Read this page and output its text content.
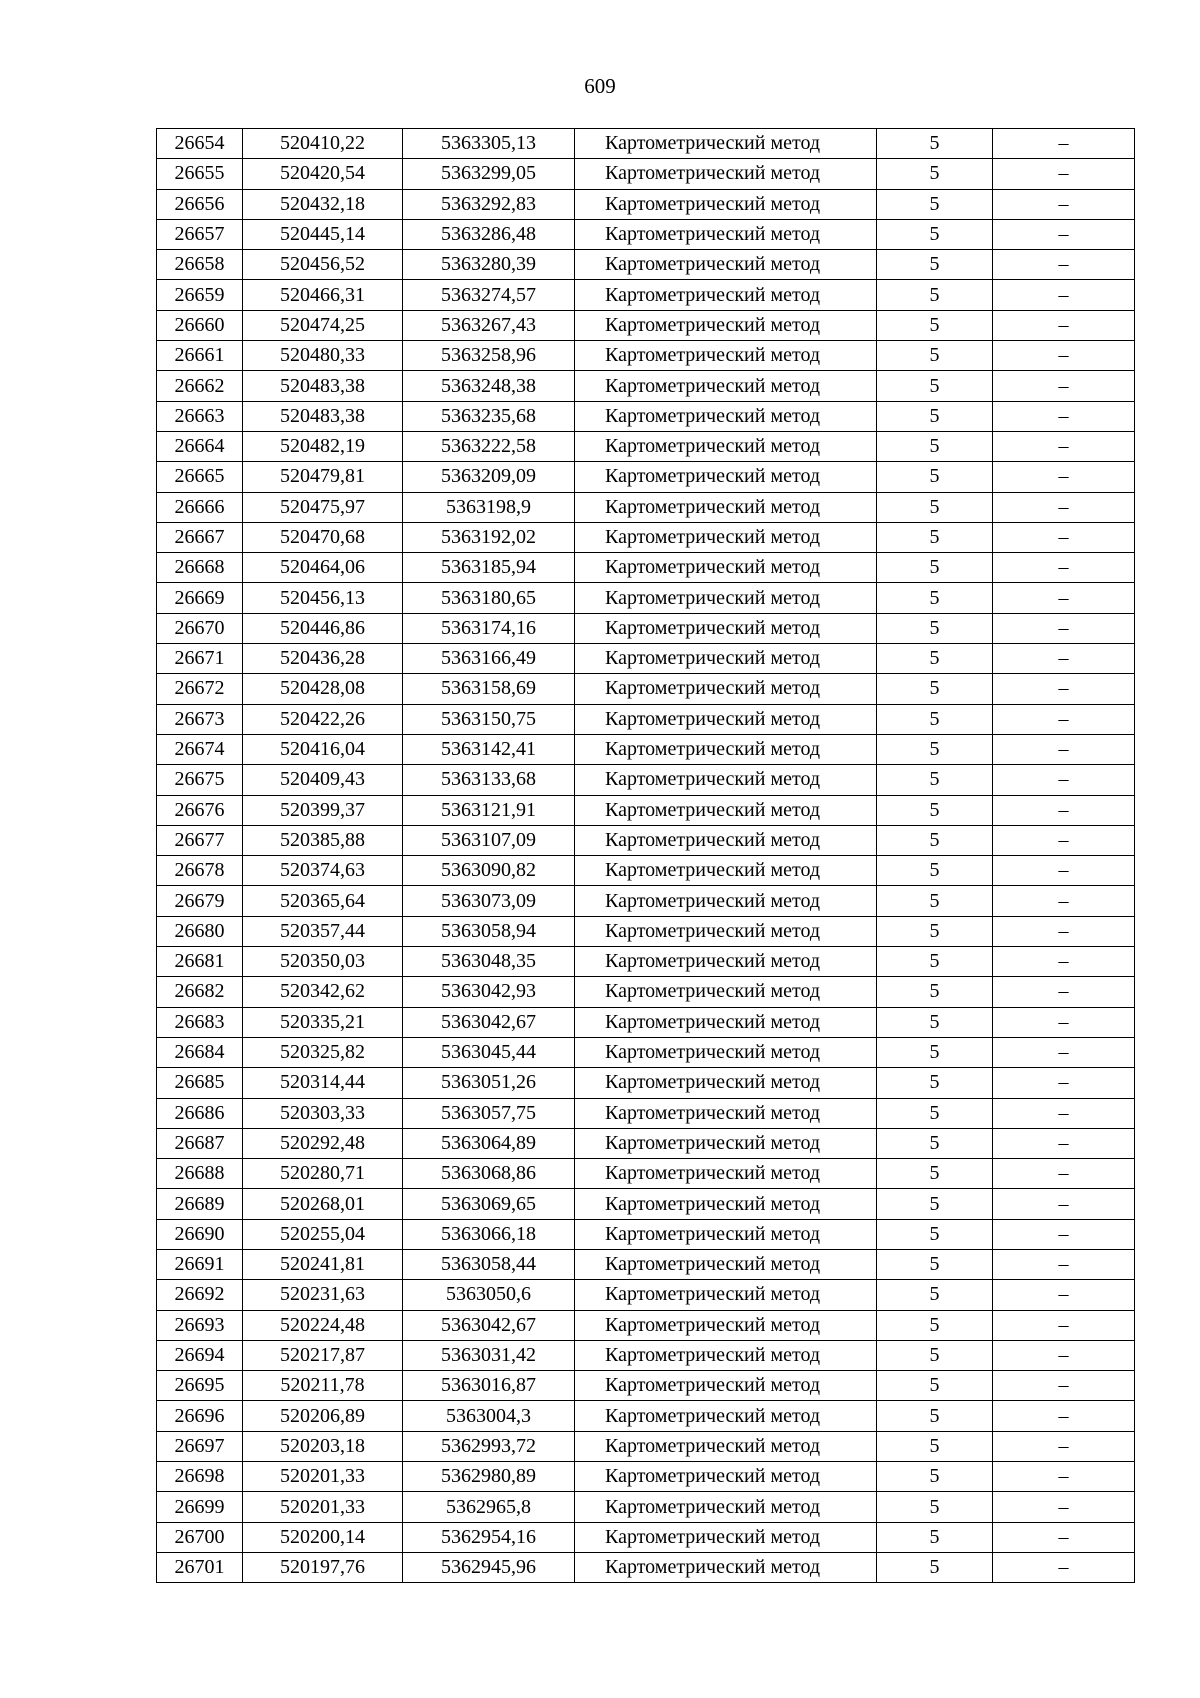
609
26654	520410,22	5363305,13	Картометрический метод	5	–
26655	520420,54	5363299,05	Картометрический метод	5	–
26656	520432,18	5363292,83	Картометрический метод	5	–
26657	520445,14	5363286,48	Картометрический метод	5	–
26658	520456,52	5363280,39	Картометрический метод	5	–
26659	520466,31	5363274,57	Картометрический метод	5	–
26660	520474,25	5363267,43	Картометрический метод	5	–
26661	520480,33	5363258,96	Картометрический метод	5	–
26662	520483,38	5363248,38	Картометрический метод	5	–
26663	520483,38	5363235,68	Картометрический метод	5	–
26664	520482,19	5363222,58	Картометрический метод	5	–
26665	520479,81	5363209,09	Картометрический метод	5	–
26666	520475,97	5363198,9	Картометрический метод	5	–
26667	520470,68	5363192,02	Картометрический метод	5	–
26668	520464,06	5363185,94	Картометрический метод	5	–
26669	520456,13	5363180,65	Картометрический метод	5	–
26670	520446,86	5363174,16	Картометрический метод	5	–
26671	520436,28	5363166,49	Картометрический метод	5	–
26672	520428,08	5363158,69	Картометрический метод	5	–
26673	520422,26	5363150,75	Картометрический метод	5	–
26674	520416,04	5363142,41	Картометрический метод	5	–
26675	520409,43	5363133,68	Картометрический метод	5	–
26676	520399,37	5363121,91	Картометрический метод	5	–
26677	520385,88	5363107,09	Картометрический метод	5	–
26678	520374,63	5363090,82	Картометрический метод	5	–
26679	520365,64	5363073,09	Картометрический метод	5	–
26680	520357,44	5363058,94	Картометрический метод	5	–
26681	520350,03	5363048,35	Картометрический метод	5	–
26682	520342,62	5363042,93	Картометрический метод	5	–
26683	520335,21	5363042,67	Картометрический метод	5	–
26684	520325,82	5363045,44	Картометрический метод	5	–
26685	520314,44	5363051,26	Картометрический метод	5	–
26686	520303,33	5363057,75	Картометрический метод	5	–
26687	520292,48	5363064,89	Картометрический метод	5	–
26688	520280,71	5363068,86	Картометрический метод	5	–
26689	520268,01	5363069,65	Картометрический метод	5	–
26690	520255,04	5363066,18	Картометрический метод	5	–
26691	520241,81	5363058,44	Картометрический метод	5	–
26692	520231,63	5363050,6	Картометрический метод	5	–
26693	520224,48	5363042,67	Картометрический метод	5	–
26694	520217,87	5363031,42	Картометрический метод	5	–
26695	520211,78	5363016,87	Картометрический метод	5	–
26696	520206,89	5363004,3	Картометрический метод	5	–
26697	520203,18	5362993,72	Картометрический метод	5	–
26698	520201,33	5362980,89	Картометрический метод	5	–
26699	520201,33	5362965,8	Картометрический метод	5	–
26700	520200,14	5362954,16	Картометрический метод	5	–
26701	520197,76	5362945,96	Картометрический метод	5	–
